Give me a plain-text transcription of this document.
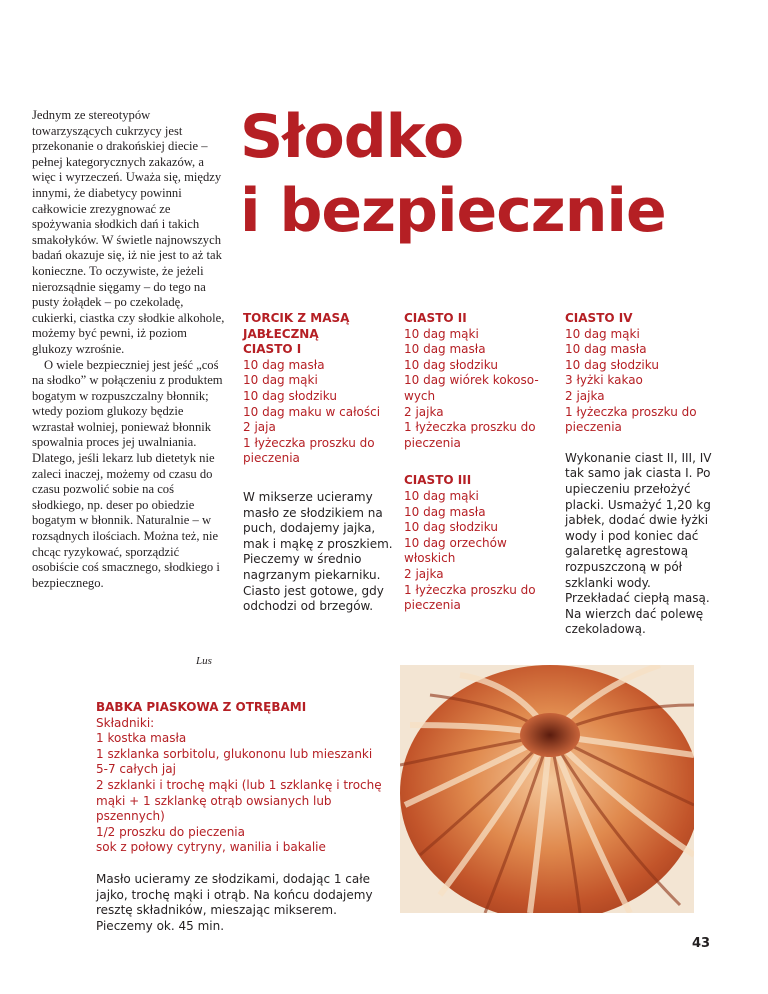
Jednym ze stereotypów towarzyszących cukrzycy jest przekonanie o drakońskiej diecie – pełnej kategorycznych zakazów, a więc i wyrzeczeń. Uważa się, między innymi, że diabetycy powinni całkowicie zrezygnować ze spożywania słodkich dań i takich smakołyków. W świetle najnowszych badań okazuje się, iż nie jest to aż tak konieczne. To oczywiste, że jeżeli nierozsądnie sięgamy – do tego na pusty żołądek – po czekoladę, cukierki, ciastka czy słodkie alkohole, możemy być pewni, iż poziom glukozy wzrośnie.

O wiele bezpieczniej jest jeść „coś na słodko” w połączeniu z produktem bogatym w rozpuszczalny błonnik; wtedy poziom glukozy będzie wzrastał wolniej, ponieważ błonnik spowalnia proces jej uwalniania. Dlatego, jeśli lekarz lub dietetyk nie zaleci inaczej, możemy od czasu do czasu pozwolić sobie na coś słodkiego, np. deser po obiedzie bogatym w błonnik. Naturalnie – w rozsądnych ilościach. Można też, nie chcąc ryzykować, sporządzić osobiście coś smacznego, słodkiego i bezpiecznego.

Lus
Słodko
i bezpiecznie

TORCIK Z MASĄ

JABŁECZNĄ

CIASTO I

10 dag masła

10 dag mąki

10 dag słodziku

10 dag maku w całości

2 jaja

1 łyżeczka proszku do

pieczenia

W mikserze ucieramy masło ze słodzikiem na puch, dodajemy jajka, mak i mąkę z proszkiem. Pieczemy w średnio nagrzanym piekarniku. Ciasto jest gotowe, gdy odchodzi od brzegów.

CIASTO II

10 dag mąki

10 dag masła

10 dag słodziku

10 dag wiórek kokoso-

wych

2 jajka

1 łyżeczka proszku do

pieczenia

CIASTO III

10 dag mąki

10 dag masła

10 dag słodziku

10 dag orzechów włoskich

2 jajka

1 łyżeczka proszku do

pieczenia

CIASTO IV

10 dag mąki

10 dag masła

10 dag słodziku

3 łyżki kakao

2 jajka

1 łyżeczka proszku do

pieczenia

Wykonanie ciast II, III, IV tak samo jak ciasta I. Po upieczeniu przełożyć placki. Usmażyć 1,20 kg jabłek, dodać dwie łyżki wody i pod koniec dać galaretkę agrestową rozpuszczoną w pół szklanki wody. Przekładać ciepłą masą. Na wierzch dać polewę czekoladową.

BABKA PIASKOWA Z OTRĘBAMI
Składniki:
1 kostka masła
1 szklanka sorbitolu, glukononu lub mieszanki
5-7 całych jaj
2 szklanki i trochę mąki (lub 1 szklankę i trochę
mąki + 1 szklankę otrąb owsianych lub pszennych)
1/2 proszku do pieczenia
sok z połowy cytryny, wanilia i bakalie
Masło ucieramy ze słodzikami, dodając 1 całe jajko, trochę mąki i otrąb. Na końcu dodajemy resztę składników, mieszając mikserem. Pieczemy ok. 45 min.
43
